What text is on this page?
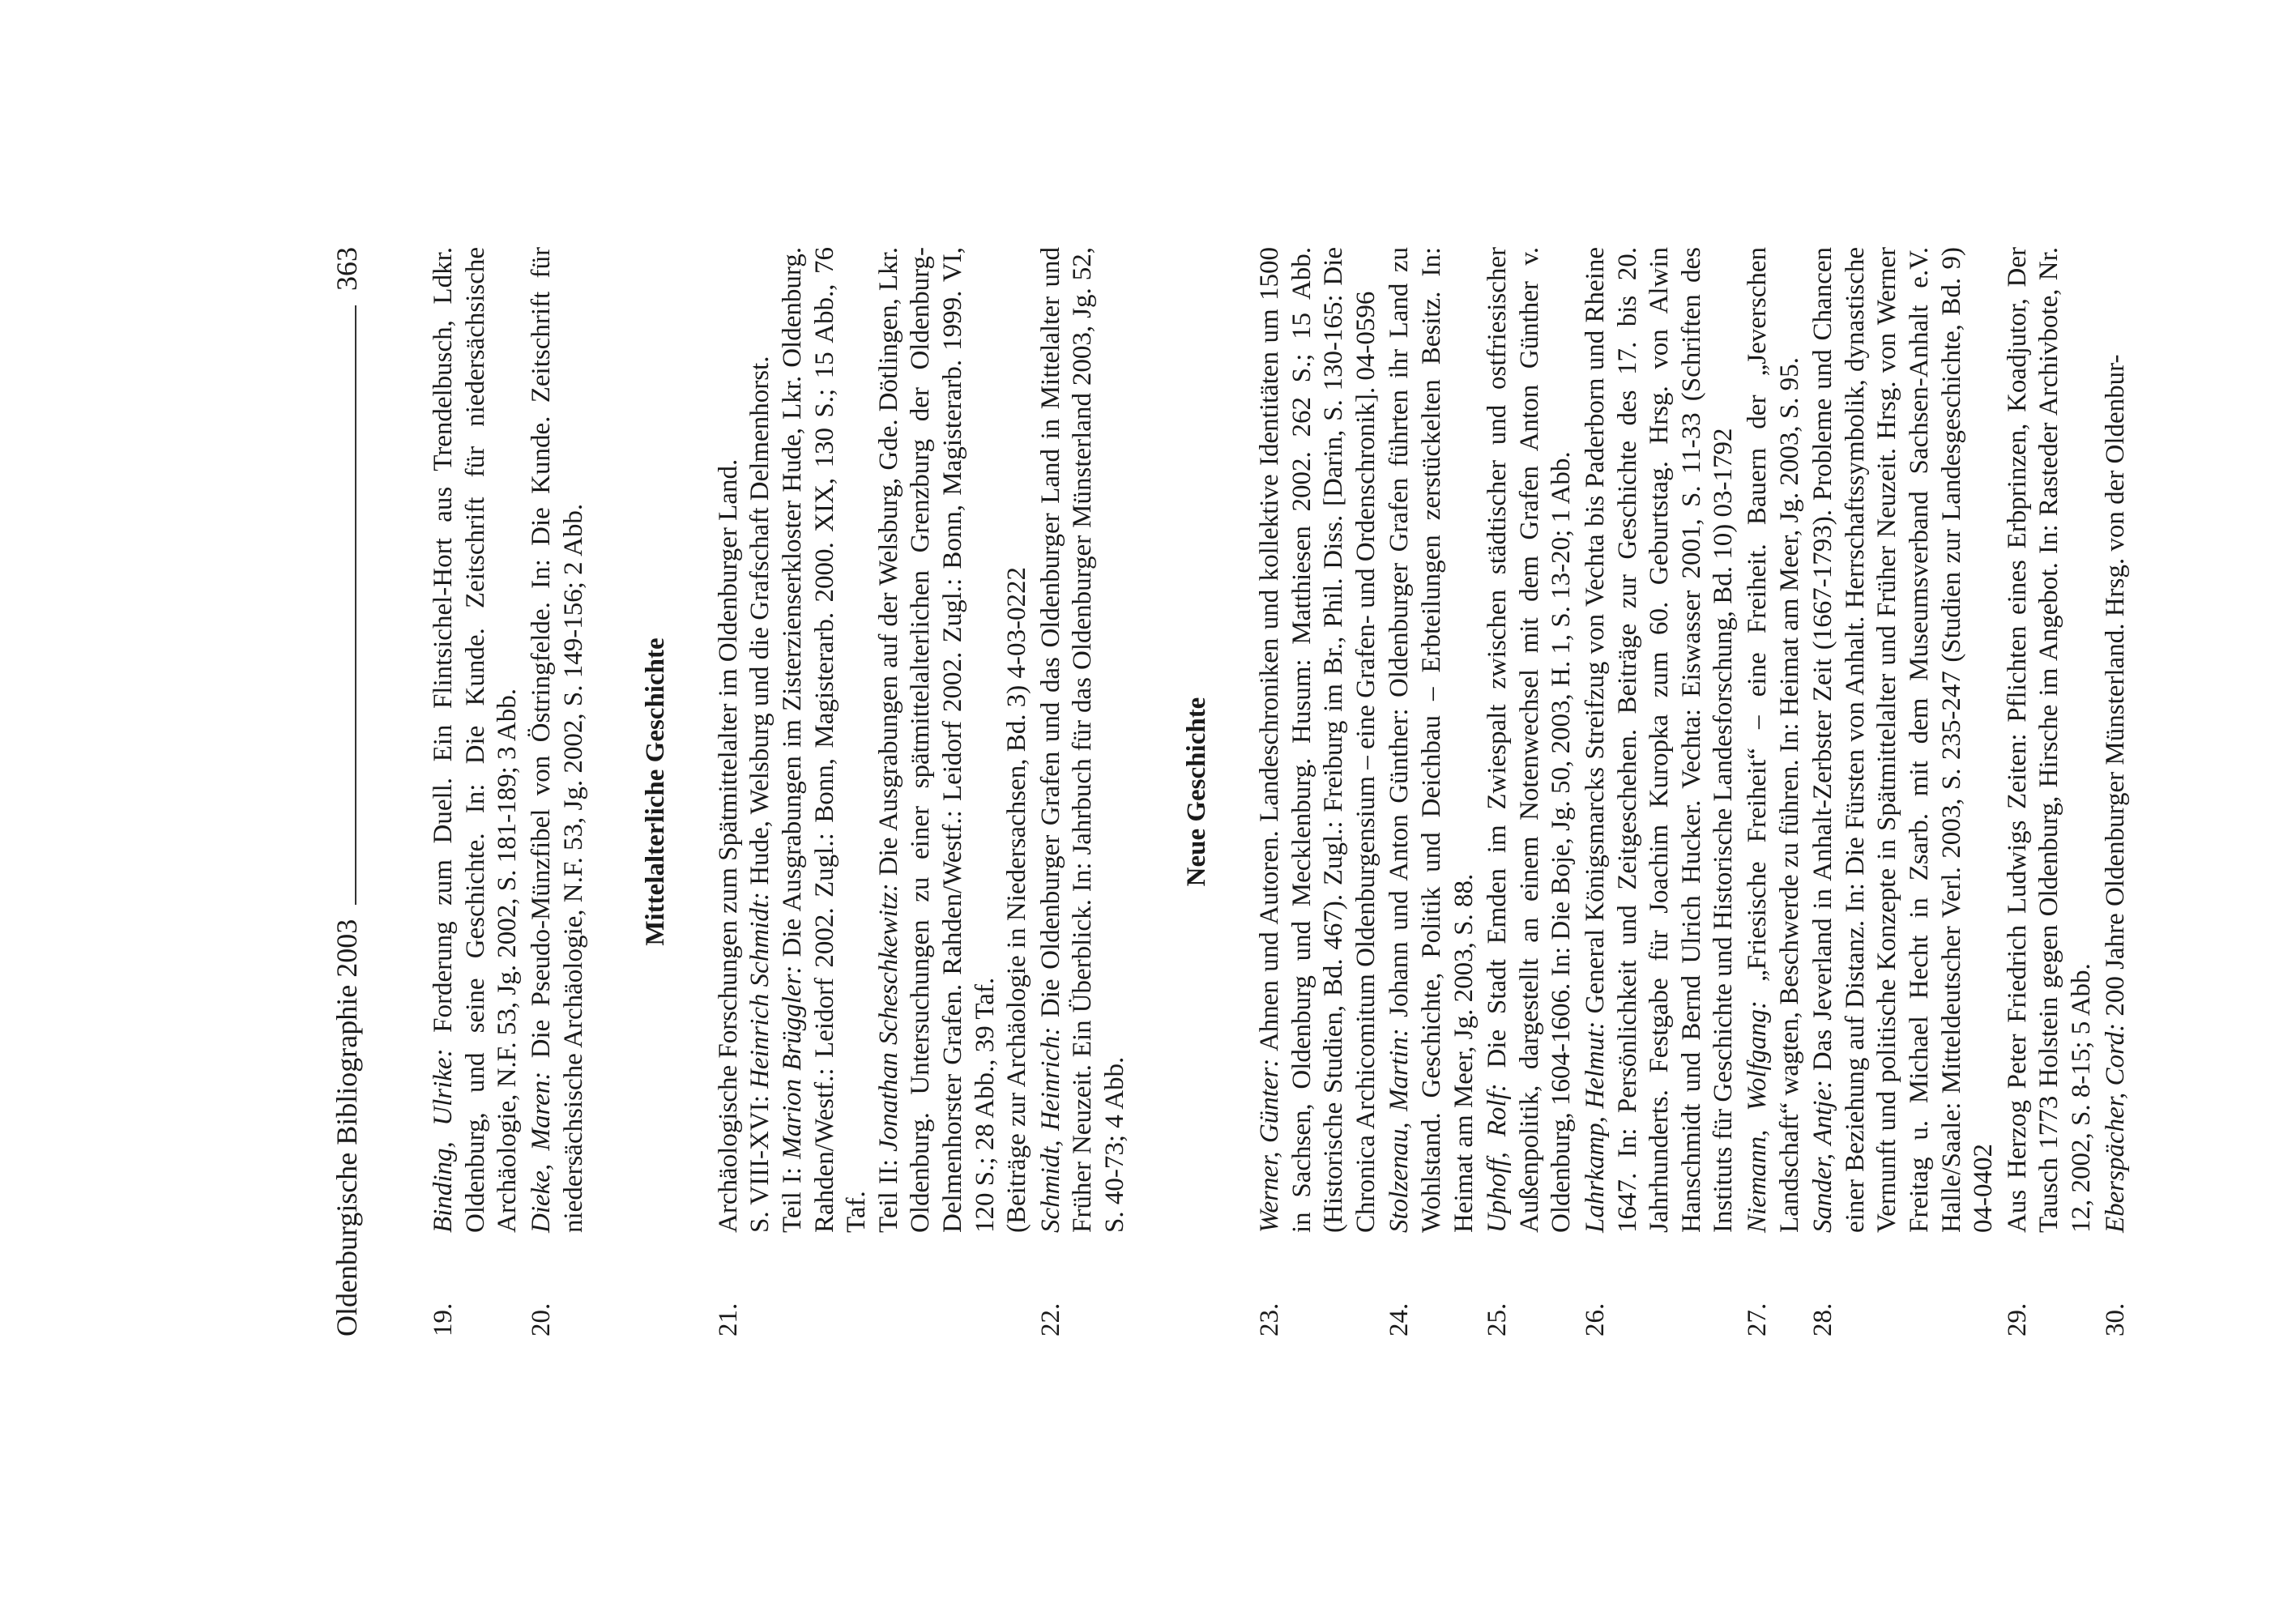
Oldenburgische Bibliographie 2003
363
19.
Binding, Ulrike: Forderung zum Duell. Ein Flintsichel-Hort aus Trendelbusch, Ldkr. Oldenburg, und seine Geschichte. In: Die Kunde. Zeitschrift für niedersächsische Archäologie, N.F. 53, Jg. 2002, S. 181-189; 3 Abb.
20.
Dieke, Maren: Die Pseudo-Münzfibel von Östringfelde. In: Die Kunde. Zeitschrift für niedersächsische Archäologie, N.F. 53, Jg. 2002, S. 149-156; 2 Abb. Mittelalterliche Geschichte
21.
Archäologische Forschungen zum Spätmittelalter im Oldenburger Land. S. VIII-XVI: Heinrich Schmidt: Hude, Welsburg und die Grafschaft Delmenhorst.
Teil I: Marion Brüggler: Die Ausgrabungen im Zisterzienserkloster Hude, Lkr. Oldenburg. Rahden/Westf.: Leidorf 2002. Zugl.: Bonn, Magisterarb. 2000. XIX, 130 S.; 15 Abb., 76 Taf. Teil II: Jonathan Scheschkewitz: Die Ausgrabungen auf der Welsburg, Gde. Dötlingen, Lkr. Oldenburg. Untersuchungen zu einer spätmittelalterlichen Grenzburg der Oldenburg-Delmenhorster Grafen. Rahden/Westf.: Leidorf 2002. Zugl.: Bonn, Magisterarb. 1999. VI, 120 S.; 28 Abb., 39 Taf. (Beiträge zur Archäologie in Niedersachsen, Bd. 3) 4-03-0222
22.
Schmidt, Heinrich: Die Oldenburger Grafen und das Oldenburger Land in Mittelalter und Früher Neuzeit. Ein Überblick. In: Jahrbuch für das Oldenburger Münsterland 2003, Jg. 52, S. 40-73; 4 Abb.
Neue Geschichte
23.
Werner, Günter: Ahnen und Autoren. Landeschroniken und kollektive Identitäten um 1500 in Sachsen, Oldenburg und Mecklenburg. Husum: Matthiesen 2002. 262 S.; 15 Abb. (Historische Studien, Bd. 467). Zugl.: Freiburg im Br., Phil. Diss. [Darin, S. 130-165: Die Chronica Archicomitum Oldenburgensium – eine Grafen- und Ordenschronik]. 04-0596
24.
Stolzenau, Martin: Johann und Anton Günther: Oldenburger Grafen führten ihr Land zu Wohlstand. Geschichte, Politik und Deichbau – Erbteilungen zerstückelten Besitz. In: Heimat am Meer, Jg. 2003, S. 88.
25.
Uphoff, Rolf: Die Stadt Emden im Zwiespalt zwischen städtischer und ostfriesischer Außenpolitik, dargestellt an einem Notenwechsel mit dem Grafen Anton Günther v. Oldenburg, 1604-1606. In: Die Boje, Jg. 50, 2003, H. 1, S. 13-20; 1 Abb.
26.
Lahrkamp, Helmut: General Königsmarcks Streifzug von Vechta bis Paderborn und Rheine 1647. In: Persönlichkeit und Zeitgeschehen. Beiträge zur Geschichte des 17. bis 20. Jahrhunderts. Festgabe für Joachim Kuropka zum 60. Geburtstag. Hrsg. von Alwin Hanschmidt und Bernd Ulrich Hucker. Vechta: Eiswasser 2001, S. 11-33 (Schriften des Instituts für Geschichte und Historische Landesforschung, Bd. 10) 03-1792
27.
Niemann, Wolfgang: „Friesische Freiheit“ – eine Freiheit. Bauern der „Jeverschen Landschaft“ wagten, Beschwerde zu führen. In: Heimat am Meer, Jg. 2003, S. 95.
28.
Sander, Antje: Das Jeverland in Anhalt-Zerbster Zeit (1667-1793). Probleme und Chancen einer Beziehung auf Distanz. In: Die Fürsten von Anhalt. Herrschaftssymbolik, dynastische Vernunft und politische Konzepte in Spätmittelalter und Früher Neuzeit. Hrsg. von Werner Freitag u. Michael Hecht in Zsarb. mit dem Museumsverband Sachsen-Anhalt e.V. Halle/Saale: Mitteldeutscher Verl. 2003, S. 235-247 (Studien zur Landesgeschichte, Bd. 9) 04-0402
29.
Aus Herzog Peter Friedrich Ludwigs Zeiten: Pflichten eines Erbprinzen, Koadjutor, Der Tausch 1773 Holstein gegen Oldenburg, Hirsche im Angebot. In: Rasteder Archivbote, Nr. 12, 2002, S. 8-15; 5 Abb.
30.
Eberspächer, Cord: 200 Jahre Oldenburger Münsterland. Hrsg. von der Oldenbur-
